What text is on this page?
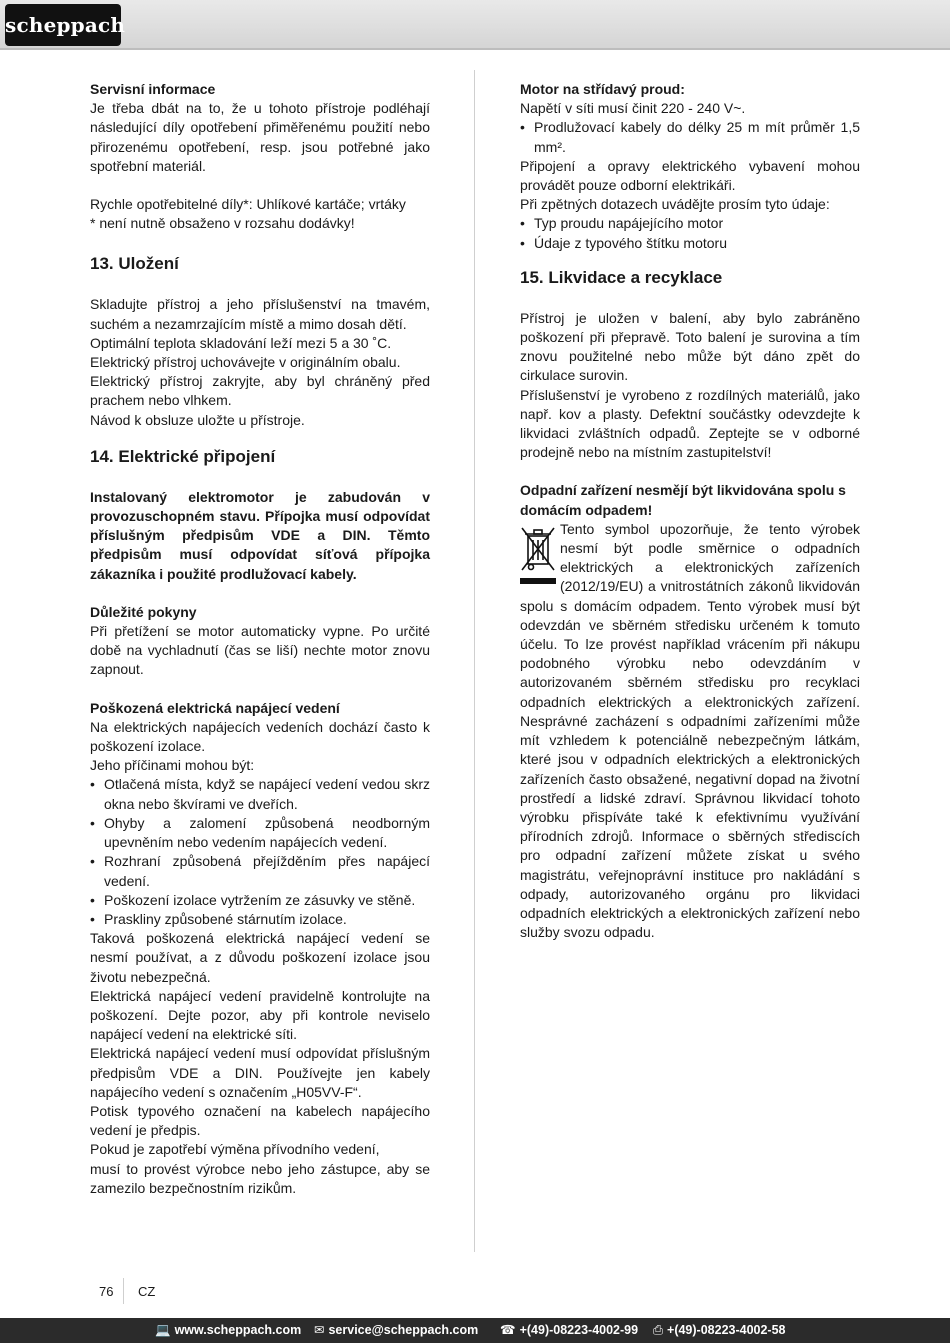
scheppach
Servisní informace

Je třeba dbát na to, že u tohoto přístroje podléhají následující díly opotřebení přiměřenému použití nebo přirozenému opotřebení, resp. jsou potřebné jako spotřební materiál.

Rychle opotřebitelné díly*: Uhlíkové kartáče; vrtáky

* není nutně obsaženo v rozsahu dodávky!

13. Uložení

Skladujte přístroj a jeho příslušenství na tmavém, suchém a nezamrzajícím místě a mimo dosah dětí.

Optimální teplota skladování leží mezi 5 a 30 ˚C.

Elektrický přístroj uchovávejte v originálním obalu.

Elektrický přístroj zakryjte, aby byl chráněný před prachem nebo vlhkem.

Návod k obsluze uložte u přístroje.

14. Elektrické připojení

Instalovaný elektromotor je zabudován v provozuschopném stavu. Přípojka musí odpovídat příslušným předpisům VDE a DIN. Těmto předpisům musí odpovídat síťová přípojka zákazníka i použité prodlužovací kabely.

Důležité pokyny

Při přetížení se motor automaticky vypne. Po určité době na vychladnutí (čas se liší) nechte motor znovu zapnout.

Poškozená elektrická napájecí vedení

Na elektrických napájecích vedeních dochází často k poškození izolace.

Jeho příčinami mohou být:

• Otlačená místa, když se napájecí vedení vedou skrz okna nebo škvírami ve dveřích.
• Ohyby a zalomení způsobená neodborným upevněním nebo vedením napájecích vedení.
• Rozhraní způsobená přejížděním přes napájecí vedení.
• Poškození izolace vytržením ze zásuvky ve stěně.
• Praskliny způsobené stárnutím izolace.

Taková poškozená elektrická napájecí vedení se nesmí používat, a z důvodu poškození izolace jsou životu nebezpečná.

Elektrická napájecí vedení pravidelně kontrolujte na poškození. Dejte pozor, aby při kontrole neviselo napájecí vedení na elektrické síti.

Elektrická napájecí vedení musí odpovídat příslušným předpisům VDE a DIN. Používejte jen kabely napájecího vedení s označením „H05VV-F“.

Potisk typového označení na kabelech napájecího vedení je předpis.

Pokud je zapotřebí výměna přívodního vedení,

musí to provést výrobce nebo jeho zástupce, aby se zamezilo bezpečnostním rizikům.

Motor na střídavý proud:

Napětí v síti musí činit 220 - 240 V~.

• Prodlužovací kabely do délky 25 m mít průměr 1,5 mm².

Připojení a opravy elektrického vybavení mohou provádět pouze odborní elektrikáři.

Při zpětných dotazech uvádějte prosím tyto údaje:

• Typ proudu napájejícího motor
• Údaje z typového štítku motoru
15. Likvidace a recyklace

Přístroj je uložen v balení, aby bylo zabráněno poškození při přepravě. Toto balení je surovina a tím znovu použitelné nebo může být dáno zpět do cirkulace surovin.

Příslušenství je vyrobeno z rozdílných materiálů, jako např. kov a plasty. Defektní součástky odevzdejte k likvidaci zvláštních odpadů. Zeptejte se v odborné prodejně nebo na místním zastupitelství!

Odpadní zařízení nesmějí být likvidována spolu s domácím odpadem!

Tento symbol upozorňuje, že tento výrobek nesmí být podle směrnice o odpadních elektrických a elektronických zařízeních (2012/19/EU) a vnitrostátních zákonů likvidován spolu s domácím odpadem. Tento výrobek musí být odevzdán ve sběrném středisku určeném k tomuto účelu. To lze provést například vrácením při nákupu podobného výrobku nebo odevzdáním v autorizovaném sběrném středisku pro recyklaci odpadních elektrických a elektronických zařízení. Nesprávné zacházení s odpadními zařízeními může mít vzhledem k potenciálně nebezpečným látkám, které jsou v odpadních elektrických a elektronických zařízeních často obsažené, negativní dopad na životní prostředí a lidské zdraví. Správnou likvidací tohoto výrobku přispíváte také k efektivnímu využívání přírodních zdrojů. Informace o sběrných střediscích pro odpadní zařízení můžete získat u svého magistrátu, veřejnoprávní instituce pro nakládání s odpady, autorizovaného orgánu pro likvidaci odpadních elektrických a elektronických zařízení nebo služby svozu odpadu.

76 CZ
💻 www.scheppach.com ✉ service@scheppach.com ☎ +(49)-08223-4002-99 ⎙ +(49)-08223-4002-58
